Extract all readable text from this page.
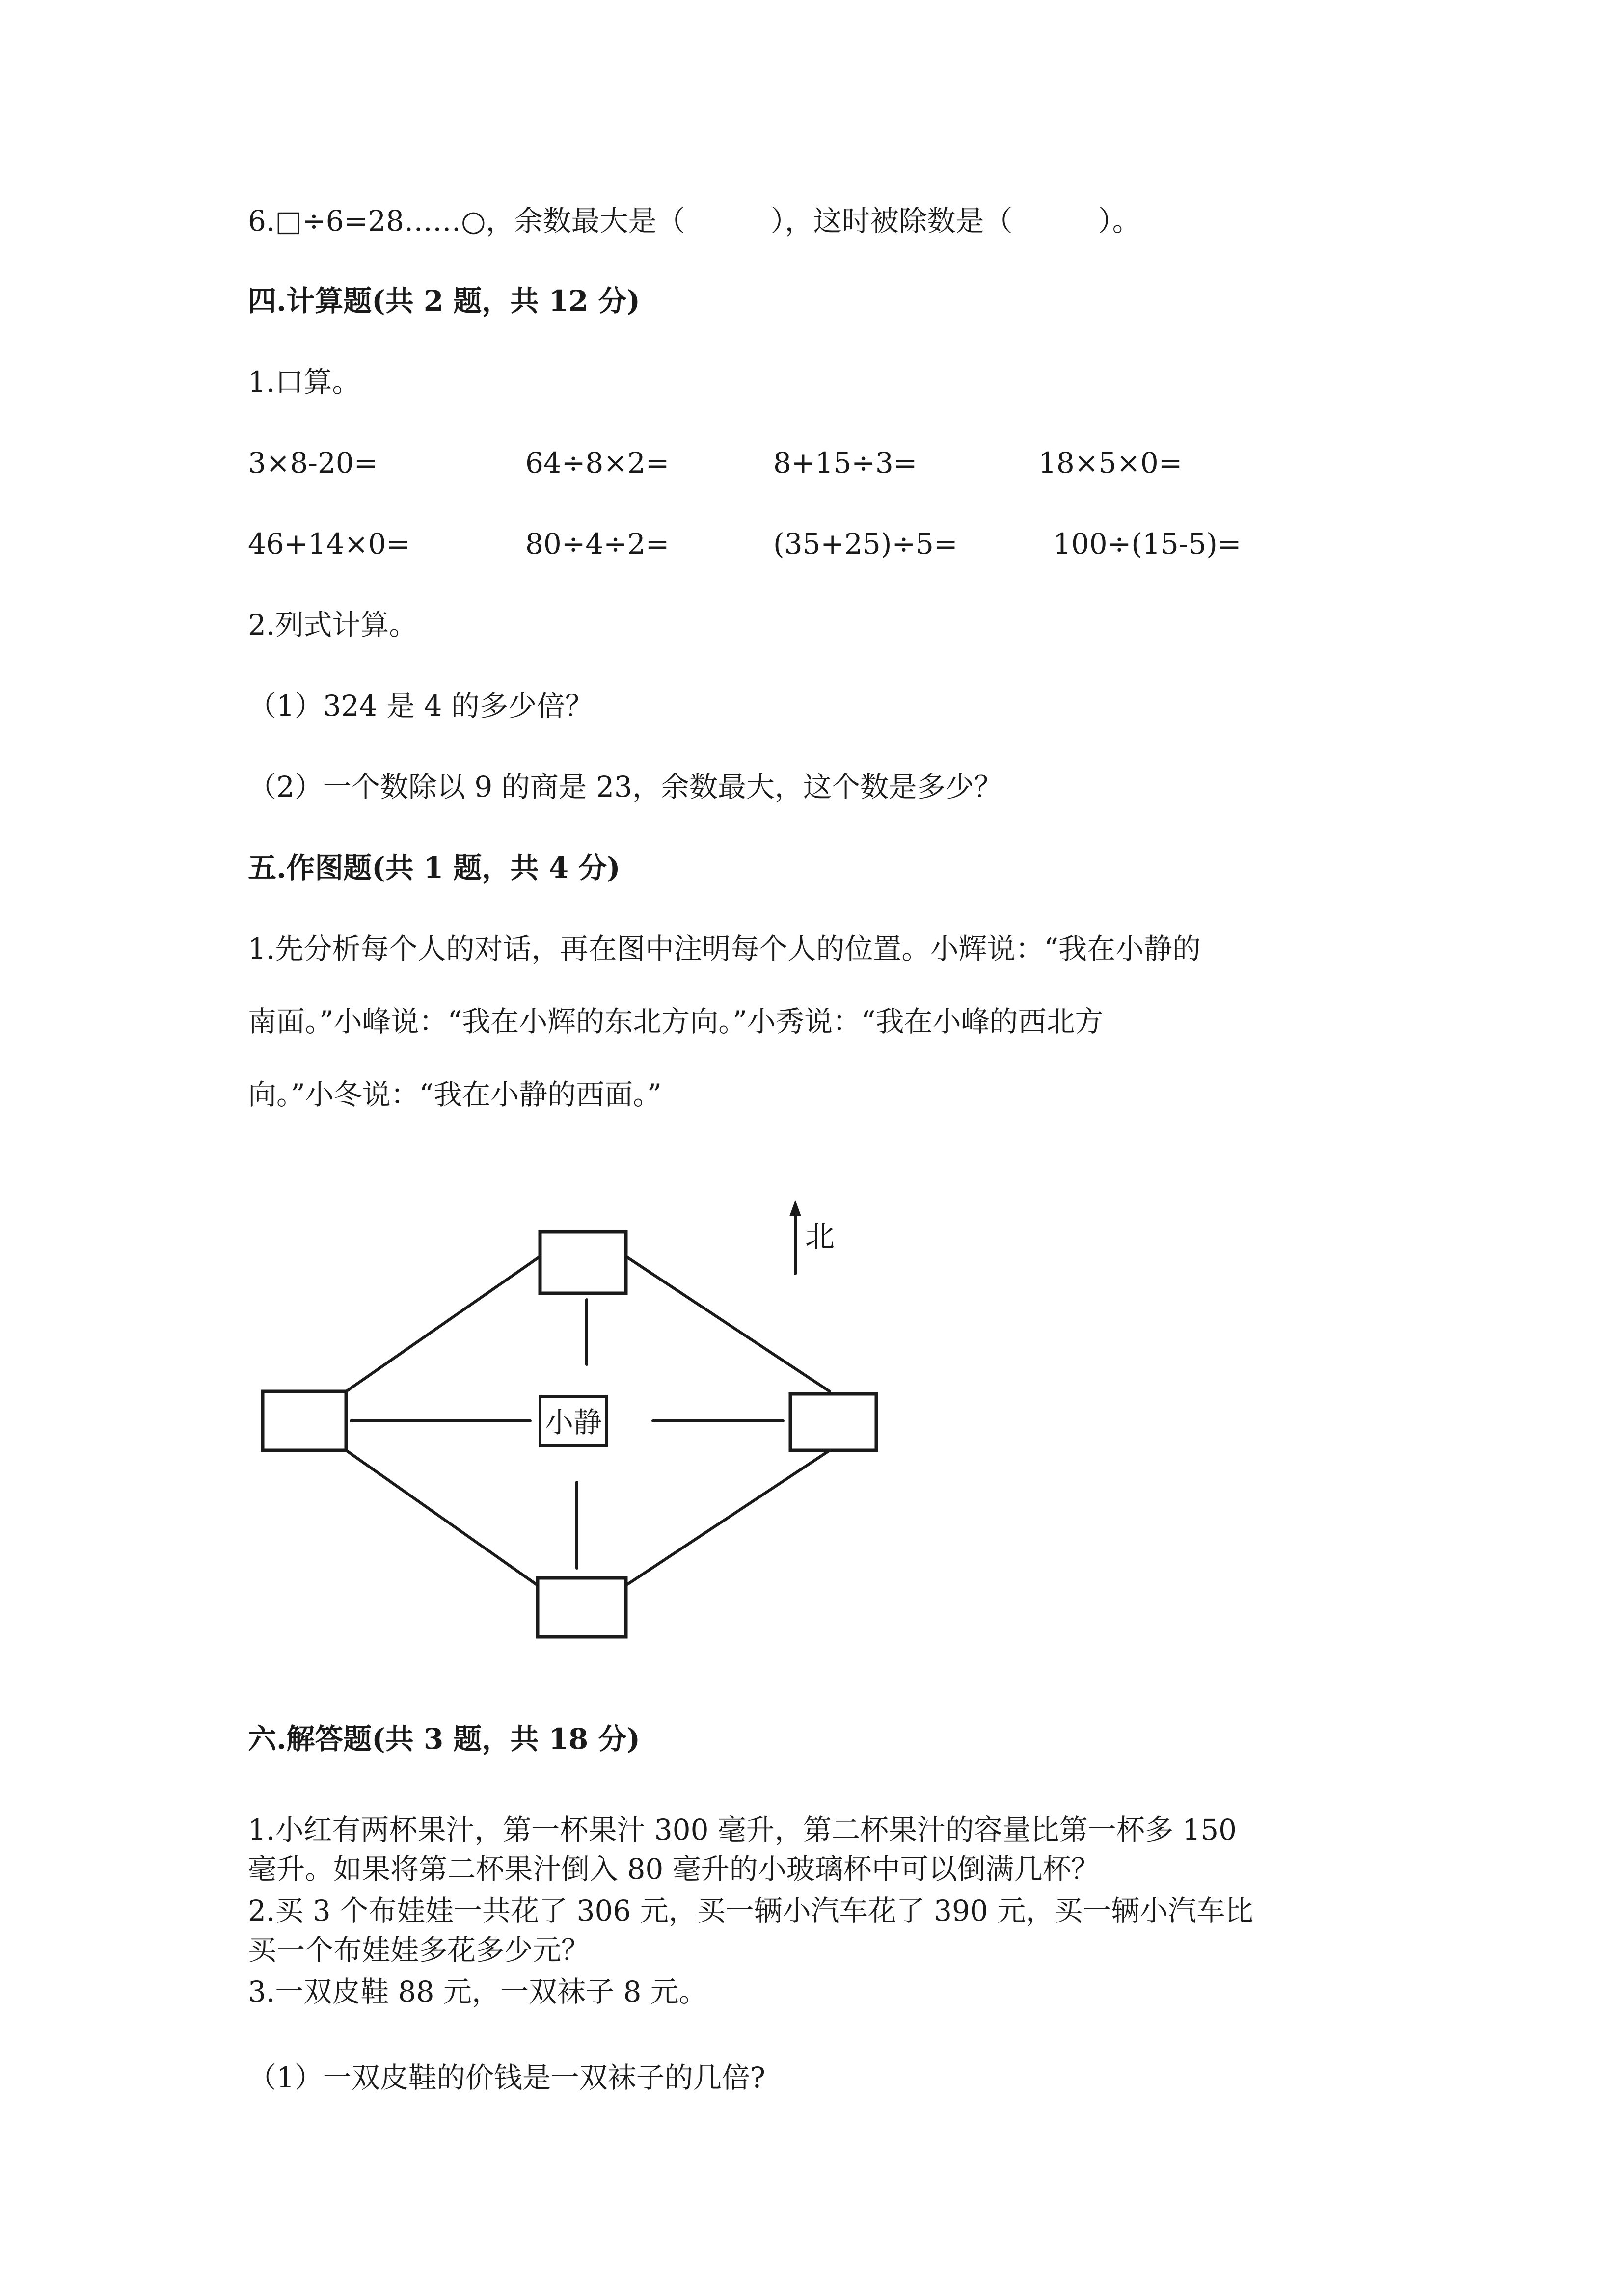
6.□÷6=28……○，余数最大是（　　　），这时被除数是（　　　）。
四.计算题(共 2 题，共 12 分)
1.口算。
3×8-20=	64÷8×2=	8+15÷3=	18×5×0=
46+14×0=	80÷4÷2=	(35+25)÷5=	100÷(15-5)=
2.列式计算。
（1）324 是 4 的多少倍？
（2）一个数除以 9 的商是 23，余数最大，这个数是多少？
五.作图题(共 1 题，共 4 分)
1.先分析每个人的对话，再在图中注明每个人的位置。小辉说：“我在小静的
南面。”小峰说：“我在小辉的东北方向。”小秀说：“我在小峰的西北方
向。”小冬说：“我在小静的西面。”
小静
北
六.解答题(共 3 题，共 18 分)
1.小红有两杯果汁，第一杯果汁 300 毫升，第二杯果汁的容量比第一杯多 150
毫升。如果将第二杯果汁倒入 80 毫升的小玻璃杯中可以倒满几杯？
2.买 3 个布娃娃一共花了 306 元，买一辆小汽车花了 390 元，买一辆小汽车比
买一个布娃娃多花多少元？
3.一双皮鞋 88 元，一双袜子 8 元。
（1）一双皮鞋的价钱是一双袜子的几倍?
